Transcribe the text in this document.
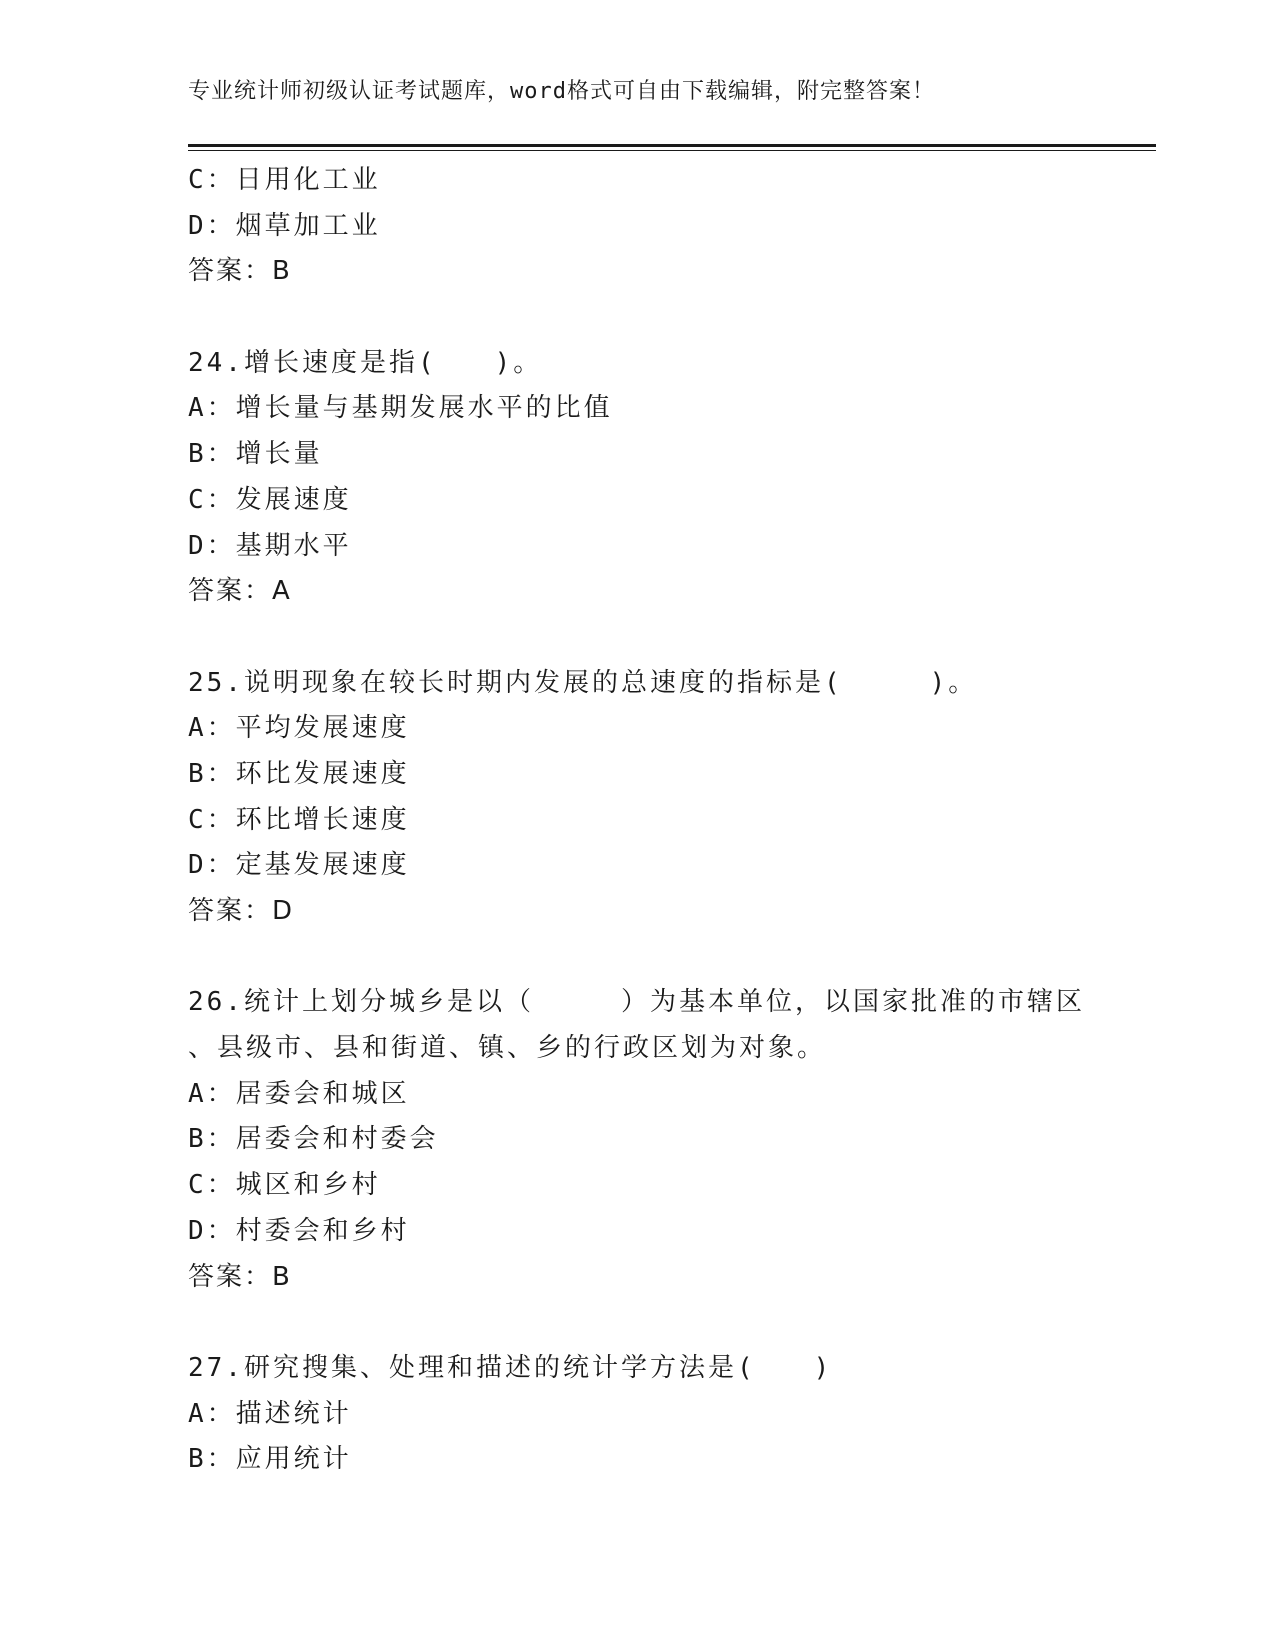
专业统计师初级认证考试题库，word格式可自由下载编辑，附完整答案！
C：日用化工业
D：烟草加工业
答案：B
24.增长速度是指(　　)。
A：增长量与基期发展水平的比值
B：增长量
C：发展速度
D：基期水平
答案：A
25.说明现象在较长时期内发展的总速度的指标是(　　　)。
A：平均发展速度
B：环比发展速度
C：环比增长速度
D：定基发展速度
答案：D
26.统计上划分城乡是以（　　　）为基本单位，以国家批准的市辖区
、县级市、县和街道、镇、乡的行政区划为对象。
A：居委会和城区
B：居委会和村委会
C：城区和乡村
D：村委会和乡村
答案：B
27.研究搜集、处理和描述的统计学方法是(　　)
A：描述统计
B：应用统计
